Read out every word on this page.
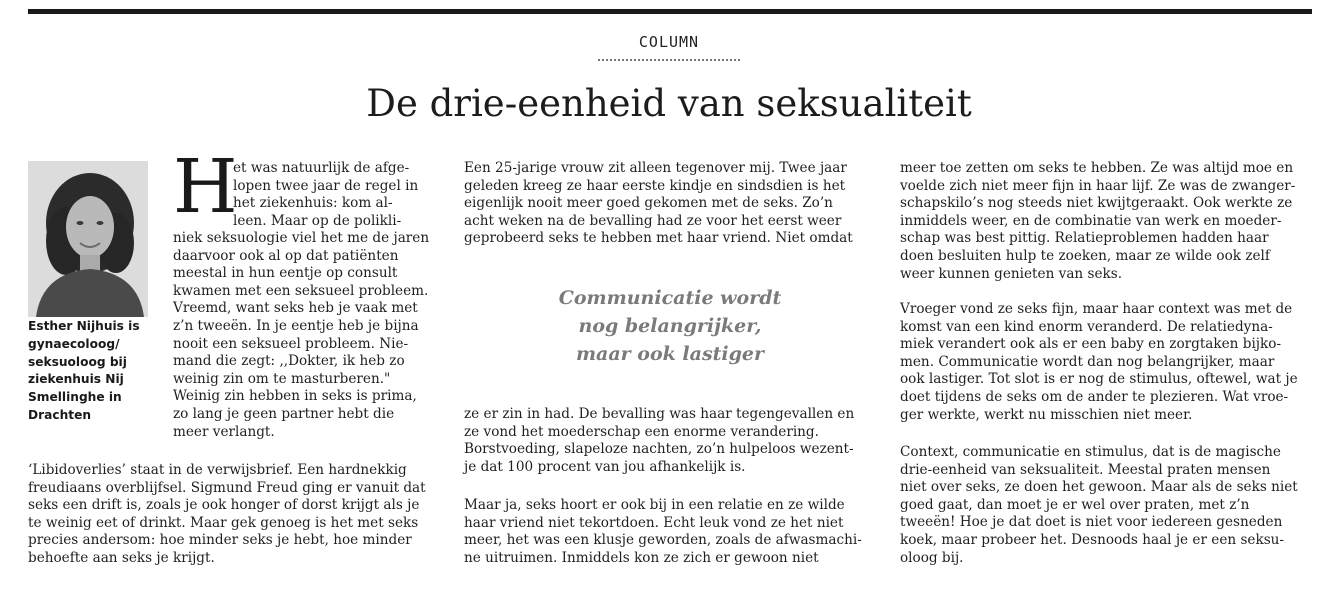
COLUMN
De drie-eenheid van seksualiteit
Esther Nijhuis is
gynaecoloog/
seksuoloog bij
ziekenhuis Nij
Smellinghe in
Drachten
H
et was natuurlijk de afge-
lopen twee jaar de regel in
het ziekenhuis: kom al-
leen. Maar op de polikli-
niek seksuologie viel het me de jaren
daarvoor ook al op dat patiënten
meestal in hun eentje op consult
kwamen met een seksueel probleem.
Vreemd, want seks heb je vaak met
z’n tweeën. In je eentje heb je bijna
nooit een seksueel probleem. Nie-
mand die zegt: ,,Dokter, ik heb zo
weinig zin om te masturberen."
Weinig zin hebben in seks is prima,
zo lang je geen partner hebt die
meer verlangt.
‘Libidoverlies’ staat in de verwijsbrief. Een hardnekkig
freudiaans overblijfsel. Sigmund Freud ging er vanuit dat
seks een drift is, zoals je ook honger of dorst krijgt als je
te weinig eet of drinkt. Maar gek genoeg is het met seks
precies andersom: hoe minder seks je hebt, hoe minder
behoefte aan seks je krijgt.
Een 25-jarige vrouw zit alleen tegenover mij. Twee jaar
geleden kreeg ze haar eerste kindje en sindsdien is het
eigenlijk nooit meer goed gekomen met de seks. Zo’n
acht weken na de bevalling had ze voor het eerst weer
geprobeerd seks te hebben met haar vriend. Niet omdat
Communicatie wordt
nog belangrijker,
maar ook lastiger
ze er zin in had. De bevalling was haar tegengevallen en
ze vond het moederschap een enorme verandering.
Borstvoeding, slapeloze nachten, zo’n hulpeloos wezent-
je dat 100 procent van jou afhankelijk is.
Maar ja, seks hoort er ook bij in een relatie en ze wilde
haar vriend niet tekortdoen. Echt leuk vond ze het niet
meer, het was een klusje geworden, zoals de afwasmachi-
ne uitruimen. Inmiddels kon ze zich er gewoon niet
meer toe zetten om seks te hebben. Ze was altijd moe en
voelde zich niet meer fijn in haar lijf. Ze was de zwanger-
schapskilo’s nog steeds niet kwijtgeraakt. Ook werkte ze
inmiddels weer, en de combinatie van werk en moeder-
schap was best pittig. Relatieproblemen hadden haar
doen besluiten hulp te zoeken, maar ze wilde ook zelf
weer kunnen genieten van seks.
Vroeger vond ze seks fijn, maar haar context was met de
komst van een kind enorm veranderd. De relatiedyna-
miek verandert ook als er een baby en zorgtaken bijko-
men. Communicatie wordt dan nog belangrijker, maar
ook lastiger. Tot slot is er nog de stimulus, oftewel, wat je
doet tijdens de seks om de ander te plezieren. Wat vroe-
ger werkte, werkt nu misschien niet meer.
Context, communicatie en stimulus, dat is de magische
drie-eenheid van seksualiteit. Meestal praten mensen
niet over seks, ze doen het gewoon. Maar als de seks niet
goed gaat, dan moet je er wel over praten, met z’n
tweeën! Hoe je dat doet is niet voor iedereen gesneden
koek, maar probeer het. Desnoods haal je er een seksu-
oloog bij.
